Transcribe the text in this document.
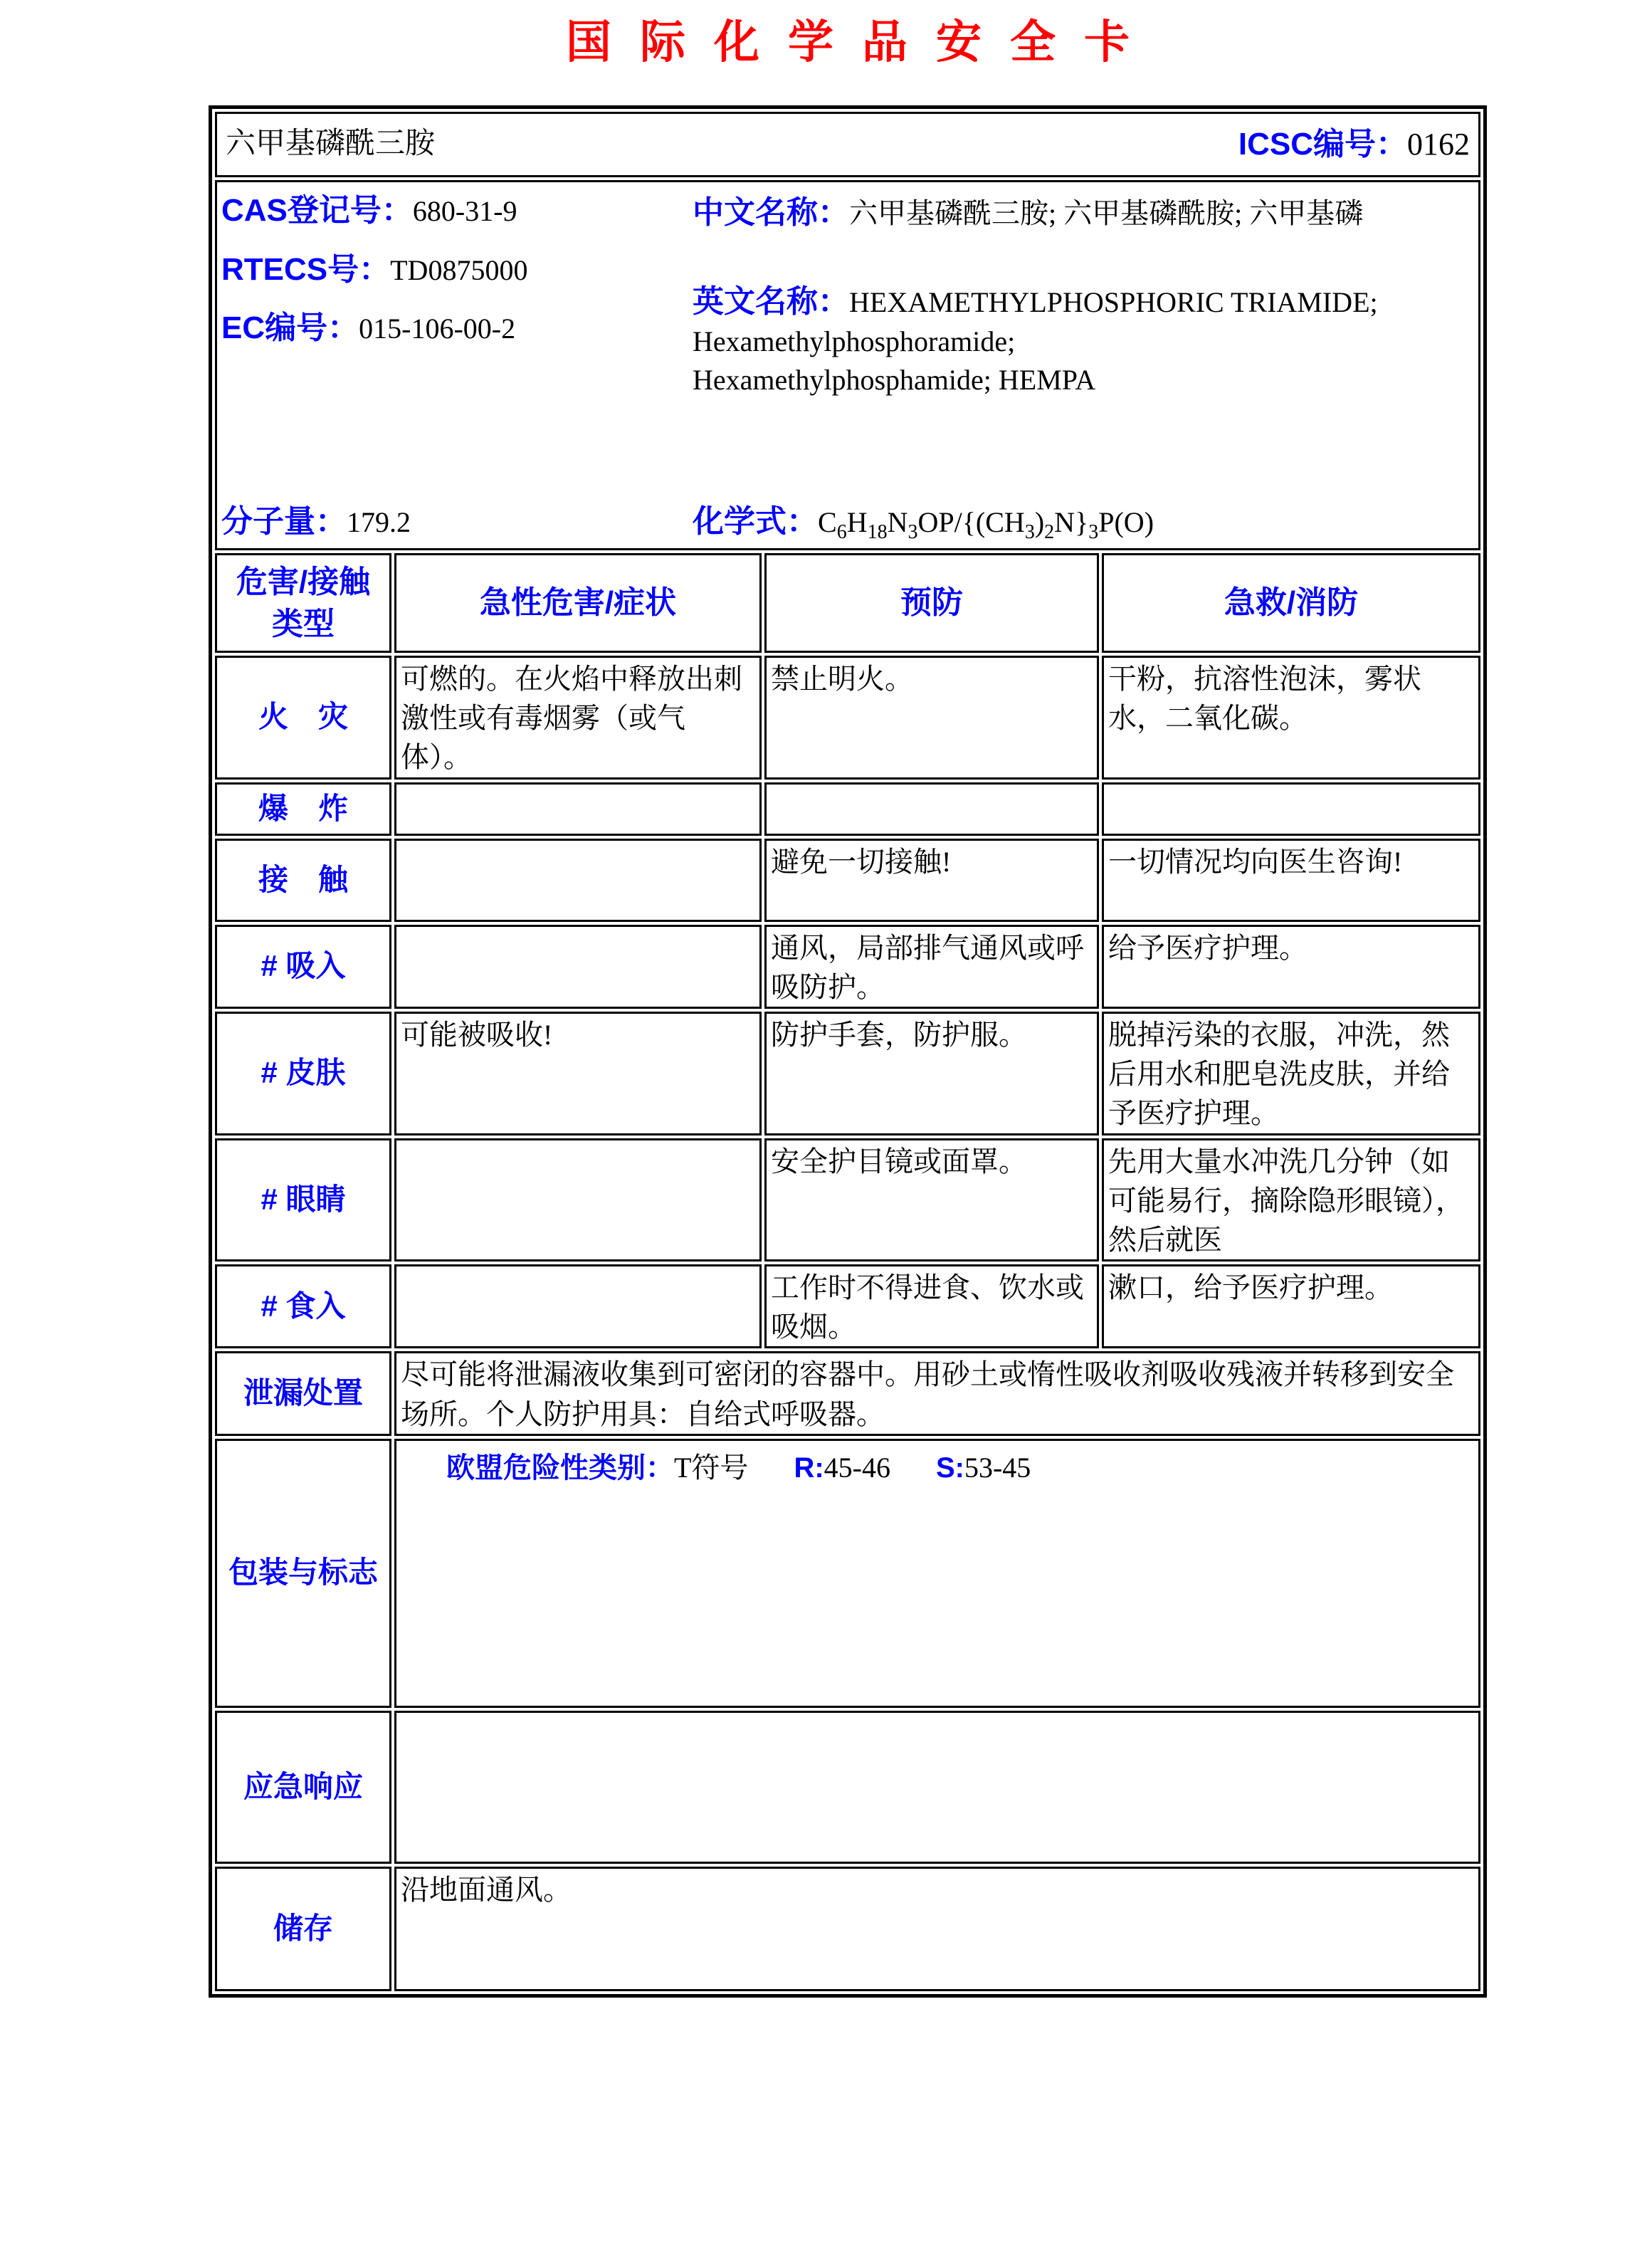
国际化学品安全卡
六甲基磷酰三胺 ICSC编号：0162			

CAS登记号：680-31-9
RTECS号：TD0875000
EC编号：015-106-00-2
中文名称：六甲基磷酰三胺; 六甲基磷酰胺; 六甲基磷
英文名称：HEXAMETHYLPHOSPHORIC TRIAMIDE;
Hexamethylphosphoramide;
Hexamethylphosphamide; HEMPA
分子量：179.2	化学式：$C_6H_{18}N_3OP/\{(CH_3)_2N\}_3P(O)$

危害/接触
类型	急性危害/症状	预防	急救/消防
火　灾	可燃的。在火焰中释放出刺激性或有毒烟雾（或气体）。	禁止明火。	干粉，抗溶性泡沫，雾状水，二氧化碳。
爆　炸			
接　触		避免一切接触!	一切情况均向医生咨询!
# 吸入		通风，局部排气通风或呼吸防护。	给予医疗护理。
# 皮肤	可能被吸收!	防护手套，防护服。	脱掉污染的衣服，冲洗，然后用水和肥皂洗皮肤，并给予医疗护理。
# 眼睛		安全护目镜或面罩。	先用大量水冲洗几分钟（如可能易行，摘除隐形眼镜），然后就医
# 食入		工作时不得进食、饮水或吸烟。	漱口，给予医疗护理。
泄漏处置	尽可能将泄漏液收集到可密闭的容器中。用砂土或惰性吸收剂吸收残液并转移到安全场所。个人防护用具：自给式呼吸器。		
包装与标志	欧盟危险性类别：T符号 R:45-46 S:53-45		

应急响应			
储存	沿地面通风。		
